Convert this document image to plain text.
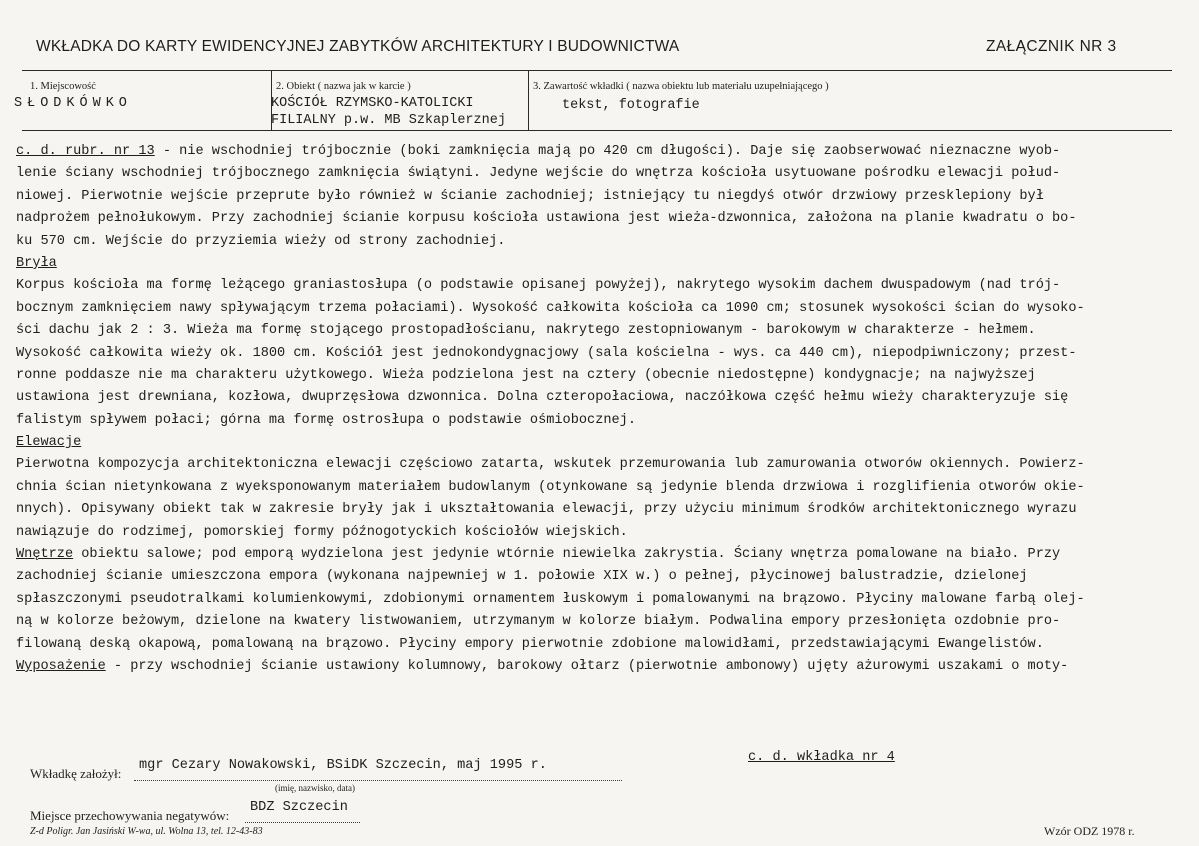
WKŁADKA DO KARTY EWIDENCYJNEJ ZABYTKÓW ARCHITEKTURY I BUDOWNICTWA	ZAŁĄCZNIK NR 3
1. Miejscowość
SŁODKÓWKO
2. Obiekt ( nazwa jak w karcie )
KOŚCIÓŁ RZYMSKO-KATOLICKI
FILIALNY p.w. MB Szkaplerznej
3. Zawartość wkładki ( nazwa obiektu lub materiału uzupełniającego )
tekst, fotografie
c. d. rubr. nr 13 - nie wschodniej trójbocznie (boki zamknięcia mają po 420 cm długości). Daje się zaobserwować nieznaczne wyob-
lenie ściany wschodniej trójbocznego zamknięcia świątyni. Jedyne wejście do wnętrza kościoła usytuowane pośrodku elewacji połud-
niowej. Pierwotnie wejście przeprute było również w ścianie zachodniej; istniejący tu niegdyś otwór drzwiowy przesklepiony był
nadprożem pełnołukowym. Przy zachodniej ścianie korpusu kościoła ustawiona jest wieża-dzwonnica, założona na planie kwadratu o bo-
ku 570 cm. Wejście do przyziemia wieży od strony zachodniej.
Bryła
Korpus kościoła ma formę leżącego graniastosłupa (o podstawie opisanej powyżej), nakrytego wysokim dachem dwuspadowym (nad trój-
bocznym zamknięciem nawy spływającym trzema połaciami). Wysokość całkowita kościoła ca 1090 cm; stosunek wysokości ścian do wysoko-
ści dachu jak 2 : 3. Wieża ma formę stojącego prostopadłościanu, nakrytego zestopniowanym - barokowym w charakterze - hełmem.
Wysokość całkowita wieży ok. 1800 cm. Kościół jest jednokondygnacjowy (sala kościelna - wys. ca 440 cm), niepodpiwniczony; przest-
ronne poddasze nie ma charakteru użytkowego. Wieża podzielona jest na cztery (obecnie niedostępne) kondygnacje; na najwyższej
ustawiona jest drewniana, kozłowa, dwuprzęsłowa dzwonnica. Dolna czteropołaciowa, naczółkowa część hełmu wieży charakteryzuje się
falistym spływem połaci; górna ma formę ostrosłupa o podstawie ośmiobocznej.
Elewacje
Pierwotna kompozycja architektoniczna elewacji częściowo zatarta, wskutek przemurowania lub zamurowania otworów okiennych. Powierz-
chnia ścian nietynkowana z wyeksponowanym materiałem budowlanym (otynkowane są jedynie blenda drzwiowa i rozglifienia otworów okie-
nnych). Opisywany obiekt tak w zakresie bryły jak i ukształtowania elewacji, przy użyciu minimum środków architektonicznego wyrazu
nawiązuje do rodzimej, pomorskiej formy późnogotyckich kościołów wiejskich.
Wnętrze obiektu salowe; pod emporą wydzielona jest jedynie wtórnie niewielka zakrystia. Ściany wnętrza pomalowane na biało. Przy
zachodniej ścianie umieszczona empora (wykonana najpewniej w 1. połowie XIX w.) o pełnej, płycinowej balustradzie, dzielonej
spłaszczonymi pseudotralkami kolumienkowymi, zdobionymi ornamentem łuskowym i pomalowanymi na brązowo. Płyciny malowane farbą olej-
ną w kolorze beżowym, dzielone na kwatery listwowaniem, utrzymanym w kolorze białym. Podwalina empory przesłonięta ozdobnie pro-
filowaną deską okapową, pomalowaną na brązowo. Płyciny empory pierwotnie zdobione malowidłami, przedstawiającymi Ewangelistów.
Wyposażenie - przy wschodniej ścianie ustawiony kolumnowy, barokowy ołtarz (pierwotnie ambonowy) ujęty ażurowymi uszakami o moty-
c. d. wkładka nr 4
Wkładkę założył:
mgr Cezary Nowakowski, BSiDK Szczecin, maj 1995 r.
(imię, nazwisko, data)
Miejsce przechowywania negatywów:
BDZ Szczecin
Z-d Poligr. Jan Jasiński W-wa, ul. Wolna 13, tel. 12-43-83	Wzór ODZ 1978 r.
